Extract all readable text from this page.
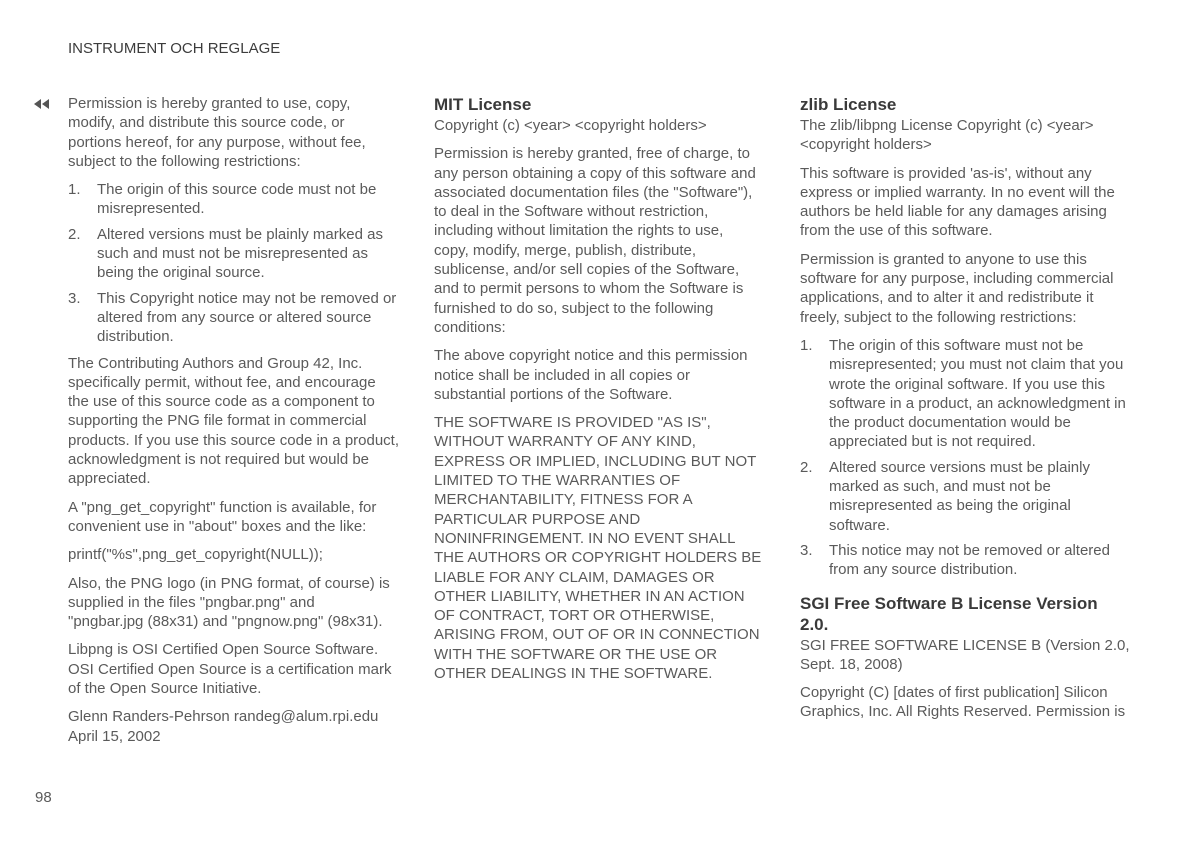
INSTRUMENT OCH REGLAGE
Permission is hereby granted to use, copy,
modify, and distribute this source code, or
portions hereof, for any purpose, without fee,
subject to the following restrictions:
1.	The origin of this source code must not be
misrepresented.
2.	Altered versions must be plainly marked as
such and must not be misrepresented as
being the original source.
3.	This Copyright notice may not be removed or
altered from any source or altered source
distribution.
The Contributing Authors and Group 42, Inc.
specifically permit, without fee, and encourage
the use of this source code as a component to
supporting the PNG file format in commercial
products. If you use this source code in a product,
acknowledgment is not required but would be
appreciated.
A "png_get_copyright" function is available, for
convenient use in "about" boxes and the like:
printf("%s",png_get_copyright(NULL));
Also, the PNG logo (in PNG format, of course) is
supplied in the files "pngbar.png" and
"pngbar.jpg (88x31) and "pngnow.png" (98x31).
Libpng is OSI Certified Open Source Software.
OSI Certified Open Source is a certification mark
of the Open Source Initiative.
Glenn Randers-Pehrson randeg@alum.rpi.edu
April 15, 2002
MIT License
Copyright (c) <year> <copyright holders>
Permission is hereby granted, free of charge, to
any person obtaining a copy of this software and
associated documentation files (the "Software"),
to deal in the Software without restriction,
including without limitation the rights to use,
copy, modify, merge, publish, distribute,
sublicense, and/or sell copies of the Software,
and to permit persons to whom the Software is
furnished to do so, subject to the following
conditions:
The above copyright notice and this permission
notice shall be included in all copies or
substantial portions of the Software.
THE SOFTWARE IS PROVIDED "AS IS",
WITHOUT WARRANTY OF ANY KIND,
EXPRESS OR IMPLIED, INCLUDING BUT NOT
LIMITED TO THE WARRANTIES OF
MERCHANTABILITY, FITNESS FOR A
PARTICULAR PURPOSE AND
NONINFRINGEMENT. IN NO EVENT SHALL
THE AUTHORS OR COPYRIGHT HOLDERS BE
LIABLE FOR ANY CLAIM, DAMAGES OR
OTHER LIABILITY, WHETHER IN AN ACTION
OF CONTRACT, TORT OR OTHERWISE,
ARISING FROM, OUT OF OR IN CONNECTION
WITH THE SOFTWARE OR THE USE OR
OTHER DEALINGS IN THE SOFTWARE.
zlib License
The zlib/libpng License Copyright (c) <year>
<copyright holders>
This software is provided 'as-is', without any
express or implied warranty. In no event will the
authors be held liable for any damages arising
from the use of this software.
Permission is granted to anyone to use this
software for any purpose, including commercial
applications, and to alter it and redistribute it
freely, subject to the following restrictions:
1.	The origin of this software must not be
misrepresented; you must not claim that you
wrote the original software. If you use this
software in a product, an acknowledgment in
the product documentation would be
appreciated but is not required.
2.	Altered source versions must be plainly
marked as such, and must not be
misrepresented as being the original
software.
3.	This notice may not be removed or altered
from any source distribution.
SGI Free Software B License Version
2.0.
SGI FREE SOFTWARE LICENSE B (Version 2.0,
Sept. 18, 2008)
Copyright (C) [dates of first publication] Silicon
Graphics, Inc. All Rights Reserved. Permission is
98
